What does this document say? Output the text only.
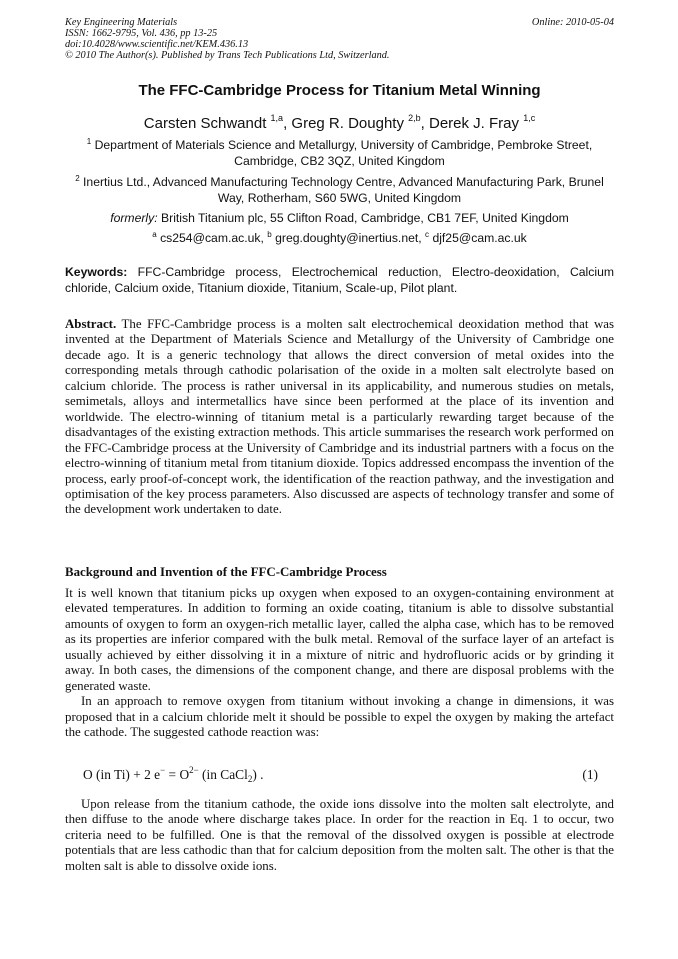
Key Engineering Materials	Online: 2010-05-04
ISSN: 1662-9795, Vol. 436, pp 13-25
doi:10.4028/www.scientific.net/KEM.436.13
© 2010 The Author(s). Published by Trans Tech Publications Ltd, Switzerland.
The FFC-Cambridge Process for Titanium Metal Winning
Carsten Schwandt $^{1,a}$, Greg R. Doughty $^{2,b}$, Derek J. Fray $^{1,c}$
$^1$ Department of Materials Science and Metallurgy, University of Cambridge, Pembroke Street, Cambridge, CB2 3QZ, United Kingdom
$^2$ Inertius Ltd., Advanced Manufacturing Technology Centre, Advanced Manufacturing Park, Brunel Way, Rotherham, S60 5WG, United Kingdom
formerly: British Titanium plc, 55 Clifton Road, Cambridge, CB1 7EF, United Kingdom
$^a$ cs254@cam.ac.uk, $^b$ greg.doughty@inertius.net, $^c$ djf25@cam.ac.uk
Keywords: FFC-Cambridge process, Electrochemical reduction, Electro-deoxidation, Calcium chloride, Calcium oxide, Titanium dioxide, Titanium, Scale-up, Pilot plant.
Abstract. The FFC-Cambridge process is a molten salt electrochemical deoxidation method that was invented at the Department of Materials Science and Metallurgy of the University of Cambridge one decade ago. It is a generic technology that allows the direct conversion of metal oxides into the corresponding metals through cathodic polarisation of the oxide in a molten salt electrolyte based on calcium chloride. The process is rather universal in its applicability, and numerous studies on metals, semimetals, alloys and intermetallics have since been performed at the place of its invention and worldwide. The electro-winning of titanium metal is a particularly rewarding target because of the disadvantages of the existing extraction methods. This article summarises the research work performed on the FFC-Cambridge process at the University of Cambridge and its industrial partners with a focus on the electro-winning of titanium metal from titanium dioxide. Topics addressed encompass the invention of the process, early proof-of-concept work, the identification of the reaction pathway, and the investigation and optimisation of the key process parameters. Also discussed are aspects of technology transfer and some of the development work undertaken to date.
Background and Invention of the FFC-Cambridge Process

It is well known that titanium picks up oxygen when exposed to an oxygen-containing environment at elevated temperatures. In addition to forming an oxide coating, titanium is able to dissolve substantial amounts of oxygen to form an oxygen-rich metallic layer, called the alpha case, which has to be removed as its properties are inferior compared with the bulk metal. Removal of the surface layer of an artefact is usually achieved by either dissolving it in a mixture of nitric and hydrofluoric acids or by grinding it away. In both cases, the dimensions of the component change, and there are disposal problems with the generated waste.

In an approach to remove oxygen from titanium without invoking a change in dimensions, it was proposed that in a calcium chloride melt it should be possible to expel the oxygen by making the artefact the cathode. The suggested cathode reaction was:

O (in Ti) + 2 $e^- = O^{2-}$ (in CaCl$_2$) .	(1)
Upon release from the titanium cathode, the oxide ions dissolve into the molten salt electrolyte, and then diffuse to the anode where discharge takes place. In order for the reaction in Eq. 1 to occur, two criteria need to be fulfilled. One is that the removal of the dissolved oxygen is possible at electrode potentials that are less cathodic than that for calcium deposition from the molten salt. The other is that the molten salt is able to dissolve oxide ions.
